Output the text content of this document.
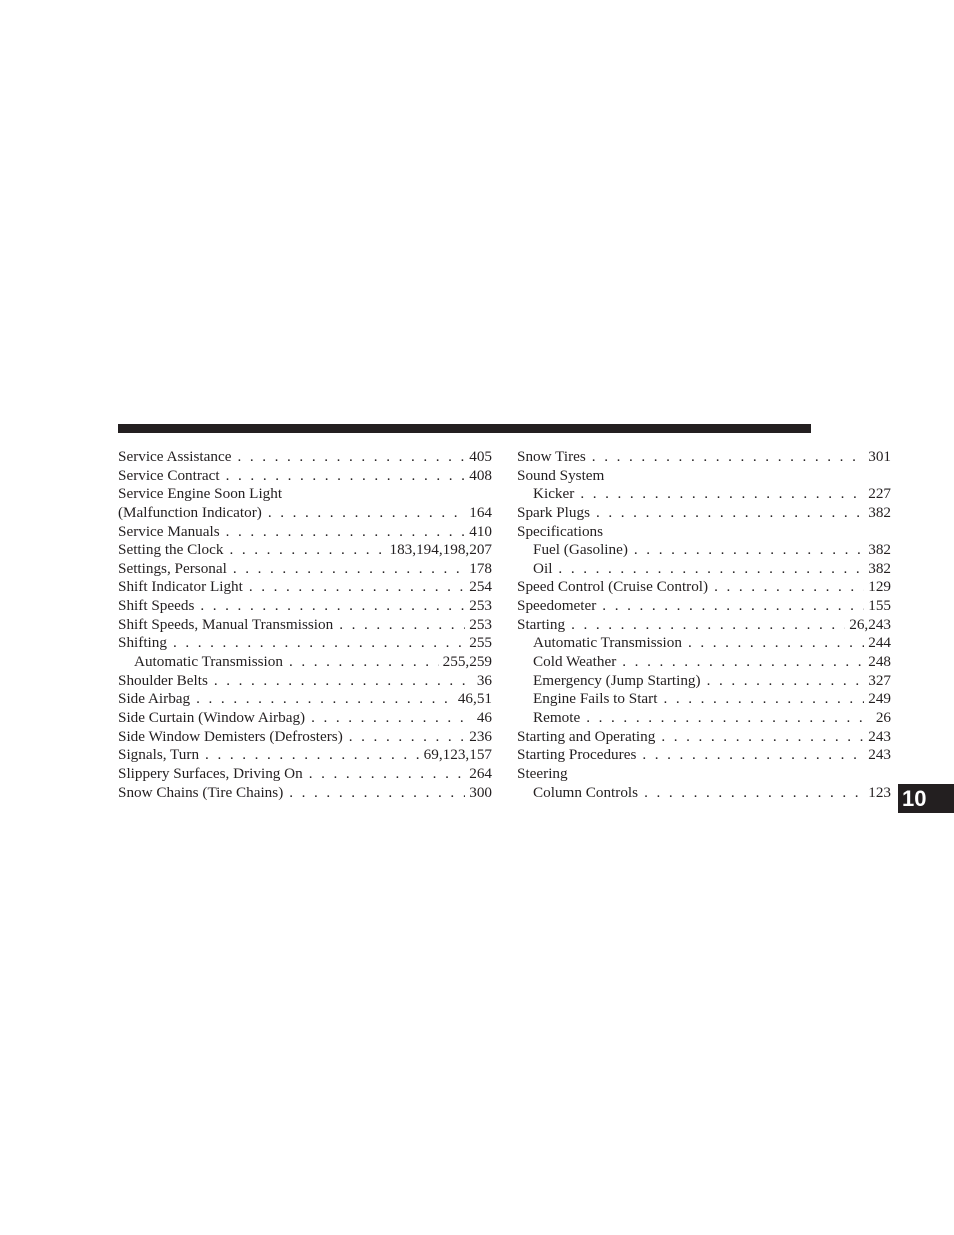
Service Assistance . . .	405
Service Contract . . .	408
Service Engine Soon Light
(Malfunction Indicator) . . .	164
Service Manuals . . .	410
Setting the Clock . . .	183,194,198,207
Settings, Personal . . .	178
Shift Indicator Light . . .	254
Shift Speeds . . .	253
Shift Speeds, Manual Transmission . . .	253
Shifting . . .	255
Automatic Transmission . . .	255,259
Shoulder Belts . . .	36
Side Airbag . . .	46,51
Side Curtain (Window Airbag) . . .	46
Side Window Demisters (Defrosters) . . .	236
Signals, Turn . . .	69,123,157
Slippery Surfaces, Driving On . . .	264
Snow Chains (Tire Chains) . . .	300
Snow Tires . . .	301
Sound System
Kicker . . .	227
Spark Plugs . . .	382
Specifications
Fuel (Gasoline) . . .	382
Oil . . .	382
Speed Control (Cruise Control) . . .	129
Speedometer . . .	155
Starting . . .	26,243
Automatic Transmission . . .	244
Cold Weather . . .	248
Emergency (Jump Starting) . . .	327
Engine Fails to Start . . .	249
Remote . . .	26
Starting and Operating . . .	243
Starting Procedures . . .	243
Steering
Column Controls . . .	123 10
